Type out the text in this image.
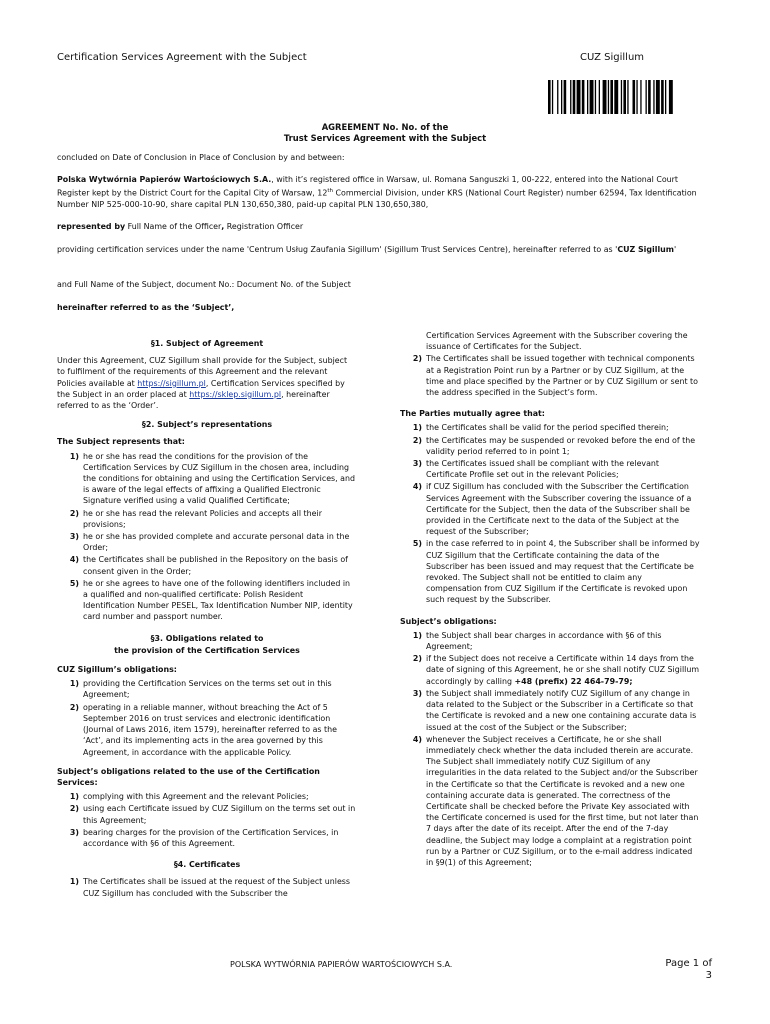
Certification Services Agreement with the Subject	CUZ Sigillum
AGREEMENT No. No. of the
Trust Services Agreement with the Subject
concluded on Date of Conclusion in Place of Conclusion by and between:
Polska Wytwórnia Papierów Wartościowych S.A., with it’s registered office in Warsaw, ul. Romana Sanguszki 1, 00-222, entered into the National Court Register kept by the District Court for the Capital City of Warsaw, 12th Commercial Division, under KRS (National Court Register) number 62594, Tax Identification Number NIP 525-000-10-90, share capital PLN 130,650,380, paid-up capital PLN 130,650,380,
represented by Full Name of the Officer, Registration Officer
providing certification services under the name 'Centrum Usług Zaufania Sigillum' (Sigillum Trust Services Centre), hereinafter referred to as 'CUZ Sigillum'
and Full Name of the Subject, document No.: Document No. of the Subject
hereinafter referred to as the ‘Subject’,
§1. Subject of Agreement
Under this Agreement, CUZ Sigillum shall provide for the Subject, subject to fulfilment of the requirements of this Agreement and the relevant Policies available at https://sigillum.pl, Certification Services specified by the Subject in an order placed at https://sklep.sigillum.pl, hereinafter referred to as the ‘Order’.
§2. Subject’s representations
The Subject represents that:
1) he or she has read the conditions for the provision of the Certification Services by CUZ Sigillum in the chosen area, including the conditions for obtaining and using the Certification Services, and is aware of the legal effects of affixing a Qualified Electronic Signature verified using a valid Qualified Certificate;
2) he or she has read the relevant Policies and accepts all their provisions;
3) he or she has provided complete and accurate personal data in the Order;
4) the Certificates shall be published in the Repository on the basis of consent given in the Order;
5) he or she agrees to have one of the following identifiers included in a qualified and non-qualified certificate: Polish Resident Identification Number PESEL, Tax Identification Number NIP, identity card number and passport number.
§3. Obligations related to
the provision of the Certification Services
CUZ Sigillum’s obligations:
1) providing the Certification Services on the terms set out in this Agreement;
2) operating in a reliable manner, without breaching the Act of 5 September 2016 on trust services and electronic identification (Journal of Laws 2016, item 1579), hereinafter referred to as the ‘Act’, and its implementing acts in the area governed by this Agreement, in accordance with the applicable Policy.
Subject’s obligations related to the use of the Certification Services:
1) complying with this Agreement and the relevant Policies;
2) using each Certificate issued by CUZ Sigillum on the terms set out in this Agreement;
3) bearing charges for the provision of the Certification Services, in accordance with §6 of this Agreement.
§4. Certificates
1) The Certificates shall be issued at the request of the Subject unless CUZ Sigillum has concluded with the Subscriber the
Certification Services Agreement with the Subscriber covering the issuance of Certificates for the Subject.
2) The Certificates shall be issued together with technical components at a Registration Point run by a Partner or by CUZ Sigillum, at the time and place specified by the Partner or by CUZ Sigillum or sent to the address specified in the Subject’s form.
The Parties mutually agree that:
1) the Certificates shall be valid for the period specified therein;
2) the Certificates may be suspended or revoked before the end of the validity period referred to in point 1;
3) the Certificates issued shall be compliant with the relevant Certificate Profile set out in the relevant Policies;
4) if CUZ Sigillum has concluded with the Subscriber the Certification Services Agreement with the Subscriber covering the issuance of a Certificate for the Subject, then the data of the Subscriber shall be provided in the Certificate next to the data of the Subject at the request of the Subscriber;
5) in the case referred to in point 4, the Subscriber shall be informed by CUZ Sigillum that the Certificate containing the data of the Subscriber has been issued and may request that the Certificate be revoked. The Subject shall not be entitled to claim any compensation from CUZ Sigillum if the Certificate is revoked upon such request by the Subscriber.
Subject’s obligations:
1) the Subject shall bear charges in accordance with §6 of this Agreement;
2) if the Subject does not receive a Certificate within 14 days from the date of signing of this Agreement, he or she shall notify CUZ Sigillum accordingly by calling +48 (prefix) 22 464-79-79;
3) the Subject shall immediately notify CUZ Sigillum of any change in data related to the Subject or the Subscriber in a Certificate so that the Certificate is revoked and a new one containing accurate data is issued at the cost of the Subject or the Subscriber;
4) whenever the Subject receives a Certificate, he or she shall immediately check whether the data included therein are accurate. The Subject shall immediately notify CUZ Sigillum of any irregularities in the data related to the Subject and/or the Subscriber in the Certificate so that the Certificate is revoked and a new one containing accurate data is generated. The correctness of the Certificate shall be checked before the Private Key associated with the Certificate concerned is used for the first time, but not later than 7 days after the date of its receipt. After the end of the 7-day deadline, the Subject may lodge a complaint at a registration point run by a Partner or CUZ Sigillum, or to the e-mail address indicated in §9(1) of this Agreement;
POLSKA WYTWÓRNIA PAPIERÓW WARTOŚCIOWYCH S.A.	Page 1 of
3
